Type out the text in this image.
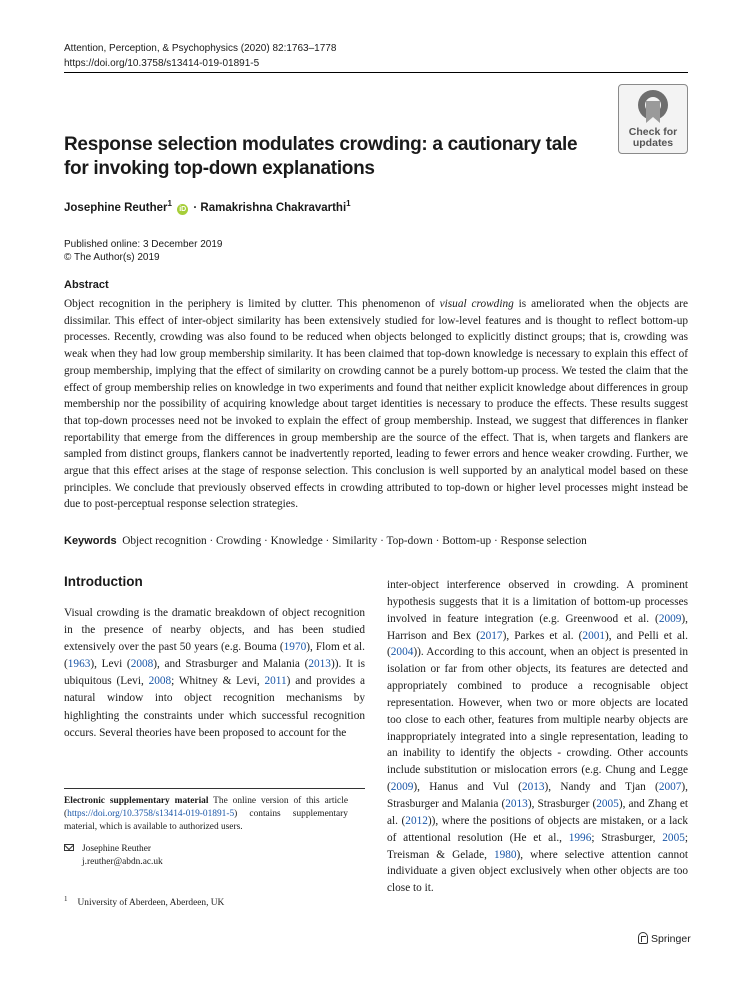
Attention, Perception, & Psychophysics (2020) 82:1763–1778
https://doi.org/10.3758/s13414-019-01891-5
Check for
updates
Response selection modulates crowding: a cautionary tale for invoking top-down explanations
Josephine Reuther$^1$ iD · Ramakrishna Chakravarthi$^1$
Published online: 3 December 2019
© The Author(s) 2019
Abstract

Object recognition in the periphery is limited by clutter. This phenomenon of visual crowding is ameliorated when the objects are dissimilar. This effect of inter-object similarity has been extensively studied for low-level features and is thought to reflect bottom-up processes. Recently, crowding was also found to be reduced when objects belonged to explicitly distinct groups; that is, crowding was weak when they had low group membership similarity. It has been claimed that top-down knowledge is necessary to explain this effect of group membership, implying that the effect of similarity on crowding cannot be a purely bottom-up process. We tested the claim that the effect of group membership relies on knowledge in two experiments and found that neither explicit knowledge about differences in group membership nor the possibility of acquiring knowledge about target identities is necessary to produce the effects. These results suggest that top-down processes need not be invoked to explain the effect of group membership. Instead, we suggest that differences in flanker reportability that emerge from the differences in group membership are the source of the effect. That is, when targets and flankers are sampled from distinct groups, flankers cannot be inadvertently reported, leading to fewer errors and hence weaker crowding. Further, we argue that this effect arises at the stage of response selection. This conclusion is well supported by an analytical model based on these principles. We conclude that previously observed effects in crowding attributed to top-down or higher level processes might instead be due to post-perceptual response selection strategies.

Keywords Object recognition · Crowding · Knowledge · Similarity · Top-down · Bottom-up · Response selection
Introduction

Visual crowding is the dramatic breakdown of object recognition in the presence of nearby objects, and has been studied extensively over the past 50 years (e.g. Bouma (1970), Flom et al. (1963), Levi (2008), and Strasburger and Malania (2013)). It is ubiquitous (Levi, 2008; Whitney & Levi, 2011) and provides a natural window into object recognition mechanisms by highlighting the constraints under which successful recognition occurs. Several theories have been proposed to account for the

inter-object interference observed in crowding. A prominent hypothesis suggests that it is a limitation of bottom-up processes involved in feature integration (e.g. Greenwood et al. (2009), Harrison and Bex (2017), Parkes et al. (2001), and Pelli et al. (2004)). According to this account, when an object is presented in isolation or far from other objects, its features are detected and appropriately combined to produce a recognisable object representation. However, when two or more objects are located too close to each other, features from multiple nearby objects are inappropriately integrated into a single representation, leading to an inability to identify the objects - crowding. Other accounts include substitution or mislocation errors (e.g. Chung and Legge (2009), Hanus and Vul (2013), Nandy and Tjan (2007), Strasburger and Malania (2013), Strasburger (2005), and Zhang et al. (2012)), where the positions of objects are mistaken, or a lack of attentional resolution (He et al., 1996; Strasburger, 2005; Treisman & Gelade, 1980), where selective attention cannot individuate a given object exclusively when other objects are too close to it.

Electronic supplementary material The online version of this article (https://doi.org/10.3758/s13414-019-01891-5) contains supplementary material, which is available to authorized users.

Josephine Reuther
j.reuther@abdn.ac.uk
$^1$ University of Aberdeen, Aberdeen, UK
Springer
